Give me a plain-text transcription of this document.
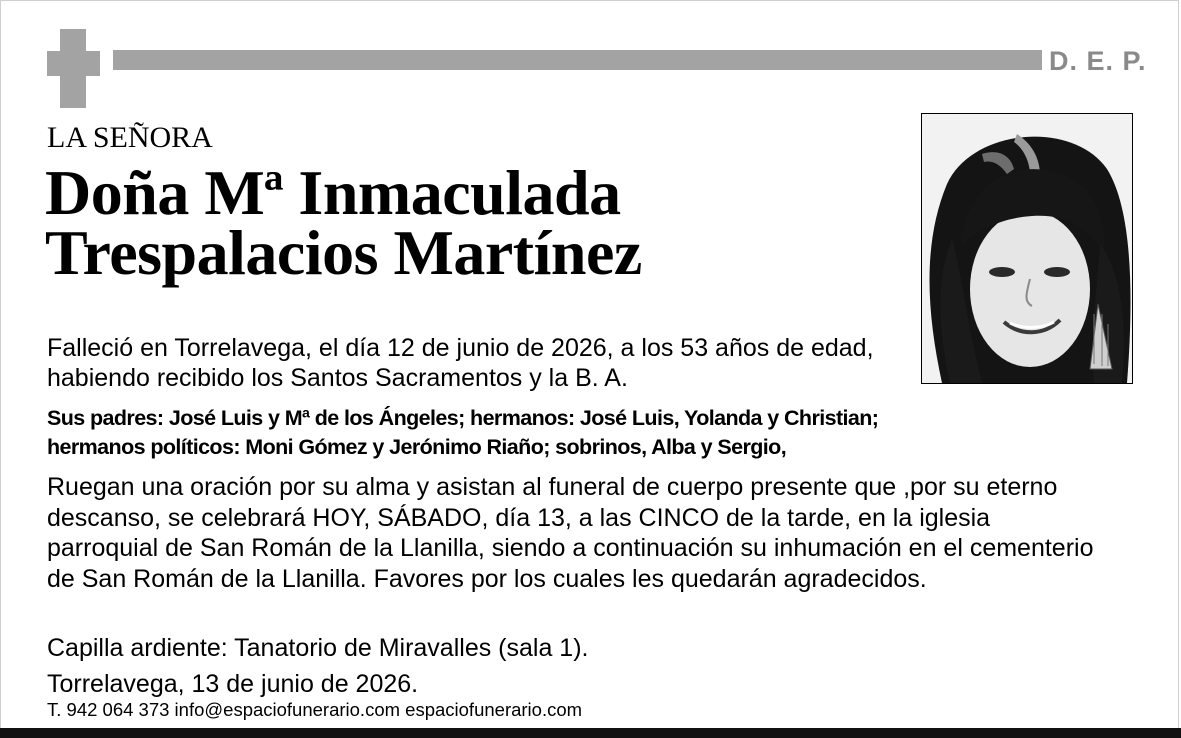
D. E. P.
LA SEÑORA
Doña Mª Inmaculada
Trespalacios Martínez
Falleció en Torrelavega, el día 12 de junio de 2026, a los 53 años de edad, habiendo recibido los Santos Sacramentos y la B. A.
Sus padres: José Luis y Mª de los Ángeles; hermanos: José Luis, Yolanda y Christian;
hermanos políticos: Moni Gómez y Jerónimo Riaño; sobrinos, Alba y Sergio,
Ruegan una oración por su alma y asistan al funeral de cuerpo presente que ,por su eterno descanso, se celebrará HOY, SÁBADO, día 13, a las CINCO de la tarde, en la iglesia parroquial de San Román de la Llanilla, siendo a continuación su inhumación en el cementerio de San Román de la Llanilla. Favores por los cuales les quedarán agradecidos.
Capilla ardiente: Tanatorio de Miravalles (sala 1).
Torrelavega, 13 de junio de 2026.
T. 942 064 373 info@espaciofunerario.com espaciofunerario.com
